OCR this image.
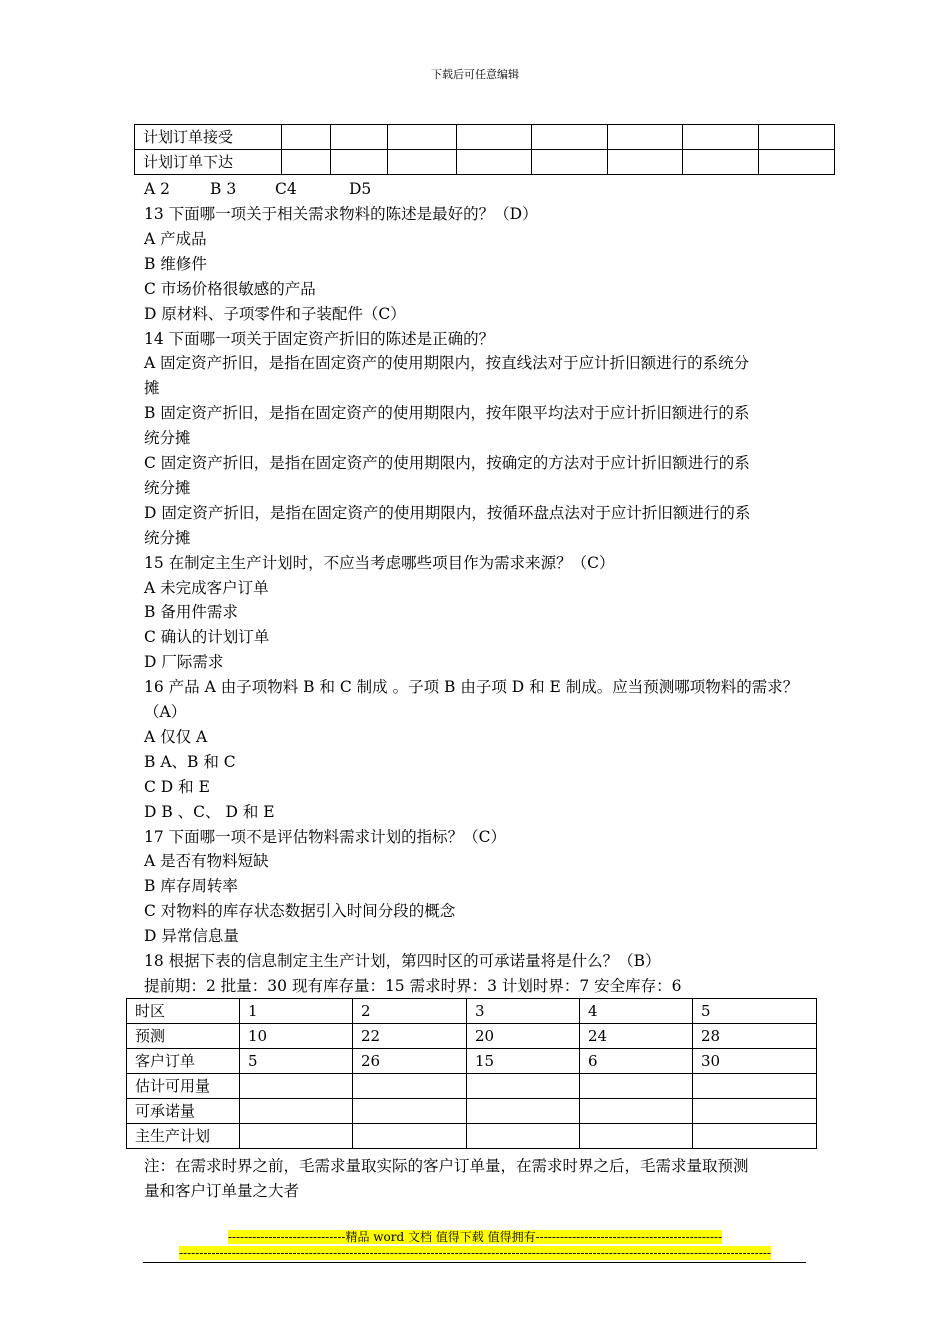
下载后可任意编辑
计划订单接受								
计划订单下达								
A 2	B 3	C4	D5
13 下面哪一项关于相关需求物料的陈述是最好的？（D）
A 产成品
B 维修件
C 市场价格很敏感的产品
D 原材料、子项零件和子装配件（C）
14 下面哪一项关于固定资产折旧的陈述是正确的？
A 固定资产折旧，是指在固定资产的使用期限内，按直线法对于应计折旧额进行的系统分
摊
B 固定资产折旧，是指在固定资产的使用期限内，按年限平均法对于应计折旧额进行的系
统分摊
C 固定资产折旧，是指在固定资产的使用期限内，按确定的方法对于应计折旧额进行的系
统分摊
D 固定资产折旧，是指在固定资产的使用期限内，按循环盘点法对于应计折旧额进行的系
统分摊
15 在制定主生产计划时，不应当考虑哪些项目作为需求来源？（C）
A 未完成客户订单
B 备用件需求
C 确认的计划订单
D 厂际需求
16 产品 A 由子项物料 B 和 C 制成 。子项 B 由子项 D 和 E 制成。应当预测哪项物料的需求？
（A）
A 仅仅 A
B A、B 和 C
C D 和 E
D B 、C、 D 和 E
17 下面哪一项不是评估物料需求计划的指标？（C）
A 是否有物料短缺
B 库存周转率
C 对物料的库存状态数据引入时间分段的概念
D 异常信息量
18 根据下表的信息制定主生产计划，第四时区的可承诺量将是什么？（B）
提前期：2 批量：30 现有库存量：15 需求时界：3 计划时界：7 安全库存：6
时区	1	2	3	4	5
预测	10	22	20	24	28
客户订单	5	26	15	6	30
估计可用量					
可承诺量					
主生产计划					
注：在需求时界之前，毛需求量取实际的客户订单量，在需求时界之后，毛需求量取预测
量和客户订单量之大者
-----------------------------精品 word 文档 值得下载 值得拥有----------------------------------------------
--------------------------------------------------------------------------------------------------------------------------------------------------
